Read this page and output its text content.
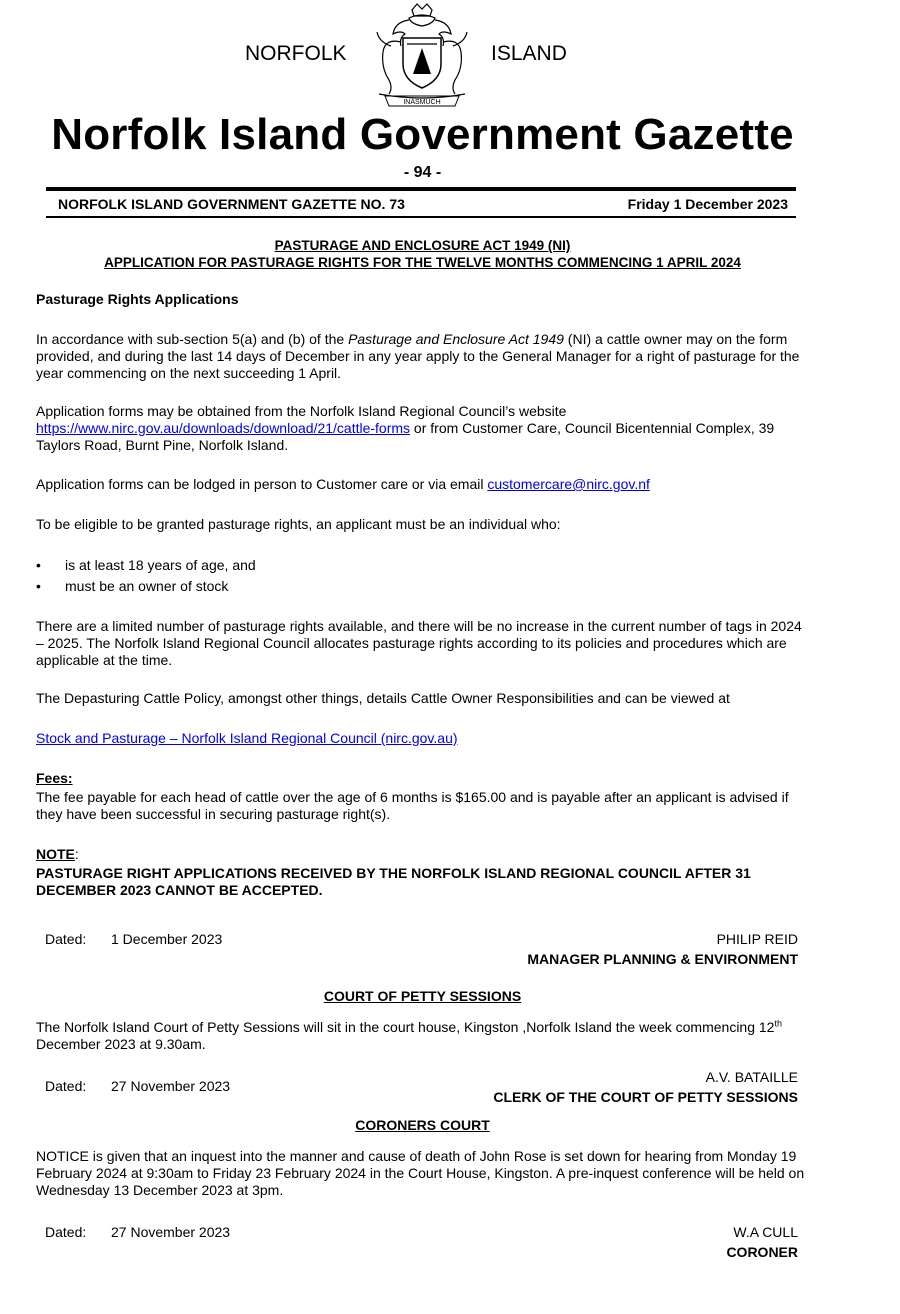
NORFOLK	ISLAND
INASMUCH
Norfolk Island Government Gazette
- 94 -
NORFOLK ISLAND GOVERNMENT GAZETTE NO. 73	Friday 1 December 2023
PASTURAGE AND ENCLOSURE ACT 1949 (NI)
APPLICATION FOR PASTURAGE RIGHTS FOR THE TWELVE MONTHS COMMENCING 1 APRIL 2024
Pasturage Rights Applications
In accordance with sub-section 5(a) and (b) of the Pasturage and Enclosure Act 1949 (NI) a cattle owner may on the form provided, and during the last 14 days of December in any year apply to the General Manager for a right of pasturage for the year commencing on the next succeeding 1 April.
Application forms may be obtained from the Norfolk Island Regional Council’s website
https://www.nirc.gov.au/downloads/download/21/cattle-forms or from Customer Care, Council Bicentennial Complex, 39 Taylors Road, Burnt Pine, Norfolk Island.
Application forms can be lodged in person to Customer care or via email customercare@nirc.gov.nf
To be eligible to be granted pasturage rights, an applicant must be an individual who:
• is at least 18 years of age, and
• must be an owner of stock
There are a limited number of pasturage rights available, and there will be no increase in the current number of tags in 2024 – 2025. The Norfolk Island Regional Council allocates pasturage rights according to its policies and procedures which are applicable at the time.
The Depasturing Cattle Policy, amongst other things, details Cattle Owner Responsibilities and can be viewed at
Stock and Pasturage – Norfolk Island Regional Council (nirc.gov.au)
Fees:
The fee payable for each head of cattle over the age of 6 months is $165.00 and is payable after an applicant is advised if they have been successful in securing pasturage right(s).
NOTE:
PASTURAGE RIGHT APPLICATIONS RECEIVED BY THE NORFOLK ISLAND REGIONAL COUNCIL AFTER 31 DECEMBER 2023 CANNOT BE ACCEPTED.
Dated: 1 December 2023	PHILIP REID
MANAGER PLANNING & ENVIRONMENT
COURT OF PETTY SESSIONS
The Norfolk Island Court of Petty Sessions will sit in the court house, Kingston ,Norfolk Island the week commencing 12th December 2023 at 9.30am.
Dated: 27 November 2023
A.V. BATAILLE
CLERK OF THE COURT OF PETTY SESSIONS
CORONERS COURT
NOTICE is given that an inquest into the manner and cause of death of John Rose is set down for hearing from Monday 19 February 2024 at 9:30am to Friday 23 February 2024 in the Court House, Kingston. A pre-inquest conference will be held on Wednesday 13 December 2023 at 3pm.
Dated: 27 November 2023	W.A CULL
CORONER
